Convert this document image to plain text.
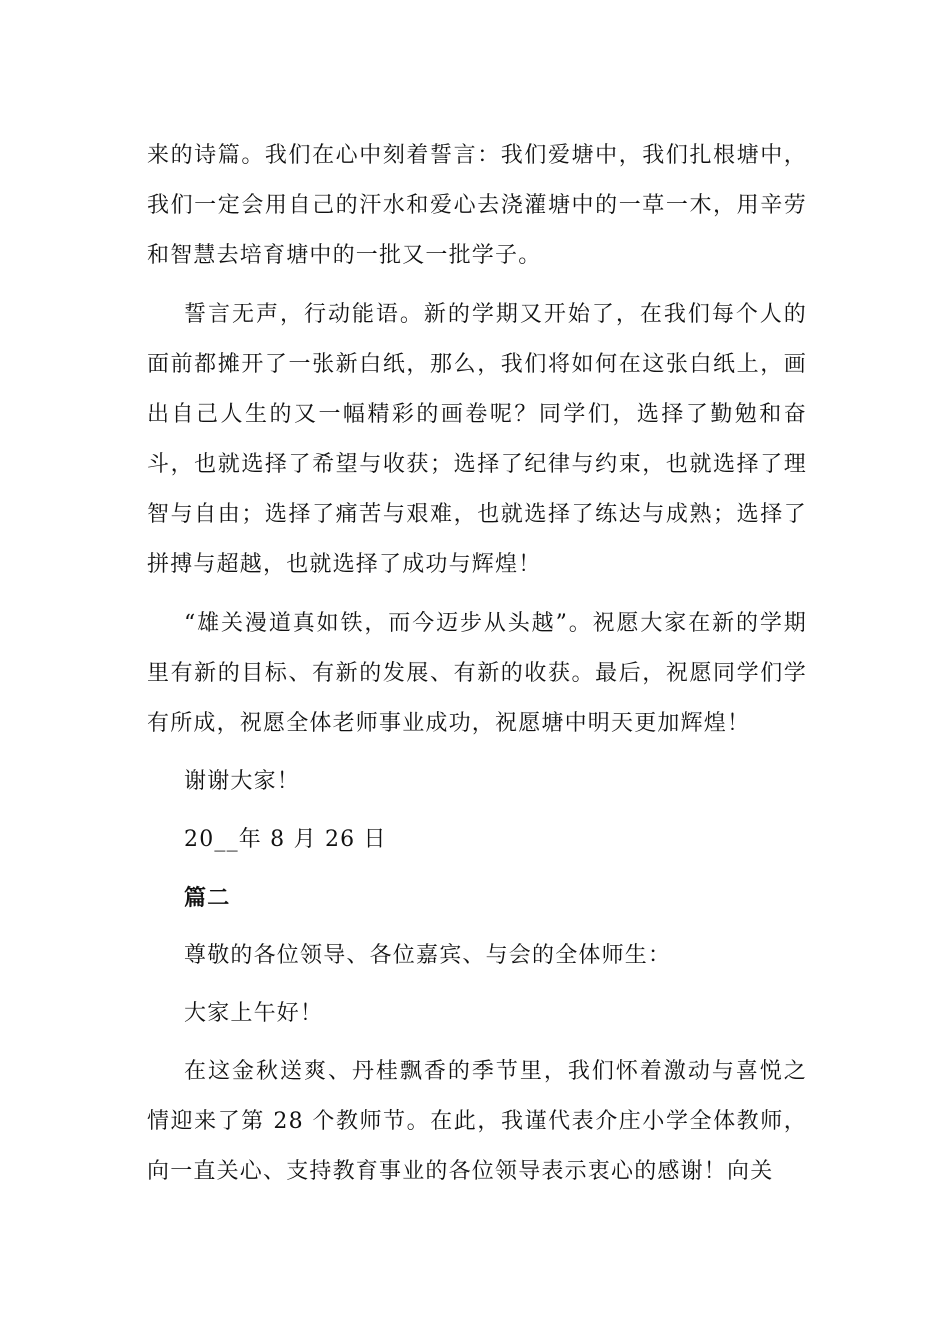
来的诗篇。我们在心中刻着誓言：我们爱塘中，我们扎根塘中，我们一定会用自己的汗水和爱心去浇灌塘中的一草一木，用辛劳和智慧去培育塘中的一批又一批学子。

誓言无声，行动能语。新的学期又开始了，在我们每个人的面前都摊开了一张新白纸，那么，我们将如何在这张白纸上，画出自己人生的又一幅精彩的画卷呢？同学们，选择了勤勉和奋斗，也就选择了希望与收获；选择了纪律与约束，也就选择了理智与自由；选择了痛苦与艰难，也就选择了练达与成熟；选择了拼搏与超越，也就选择了成功与辉煌！

“雄关漫道真如铁，而今迈步从头越”。祝愿大家在新的学期里有新的目标、有新的发展、有新的收获。最后，祝愿同学们学有所成，祝愿全体老师事业成功，祝愿塘中明天更加辉煌！

谢谢大家！

20__年 8 月 26 日

篇二

尊敬的各位领导、各位嘉宾、与会的全体师生：

大家上午好！

在这金秋送爽、丹桂飘香的季节里，我们怀着激动与喜悦之情迎来了第 28 个教师节。在此，我谨代表介庄小学全体教师，向一直关心、支持教育事业的各位领导表示衷心的感谢！向关
